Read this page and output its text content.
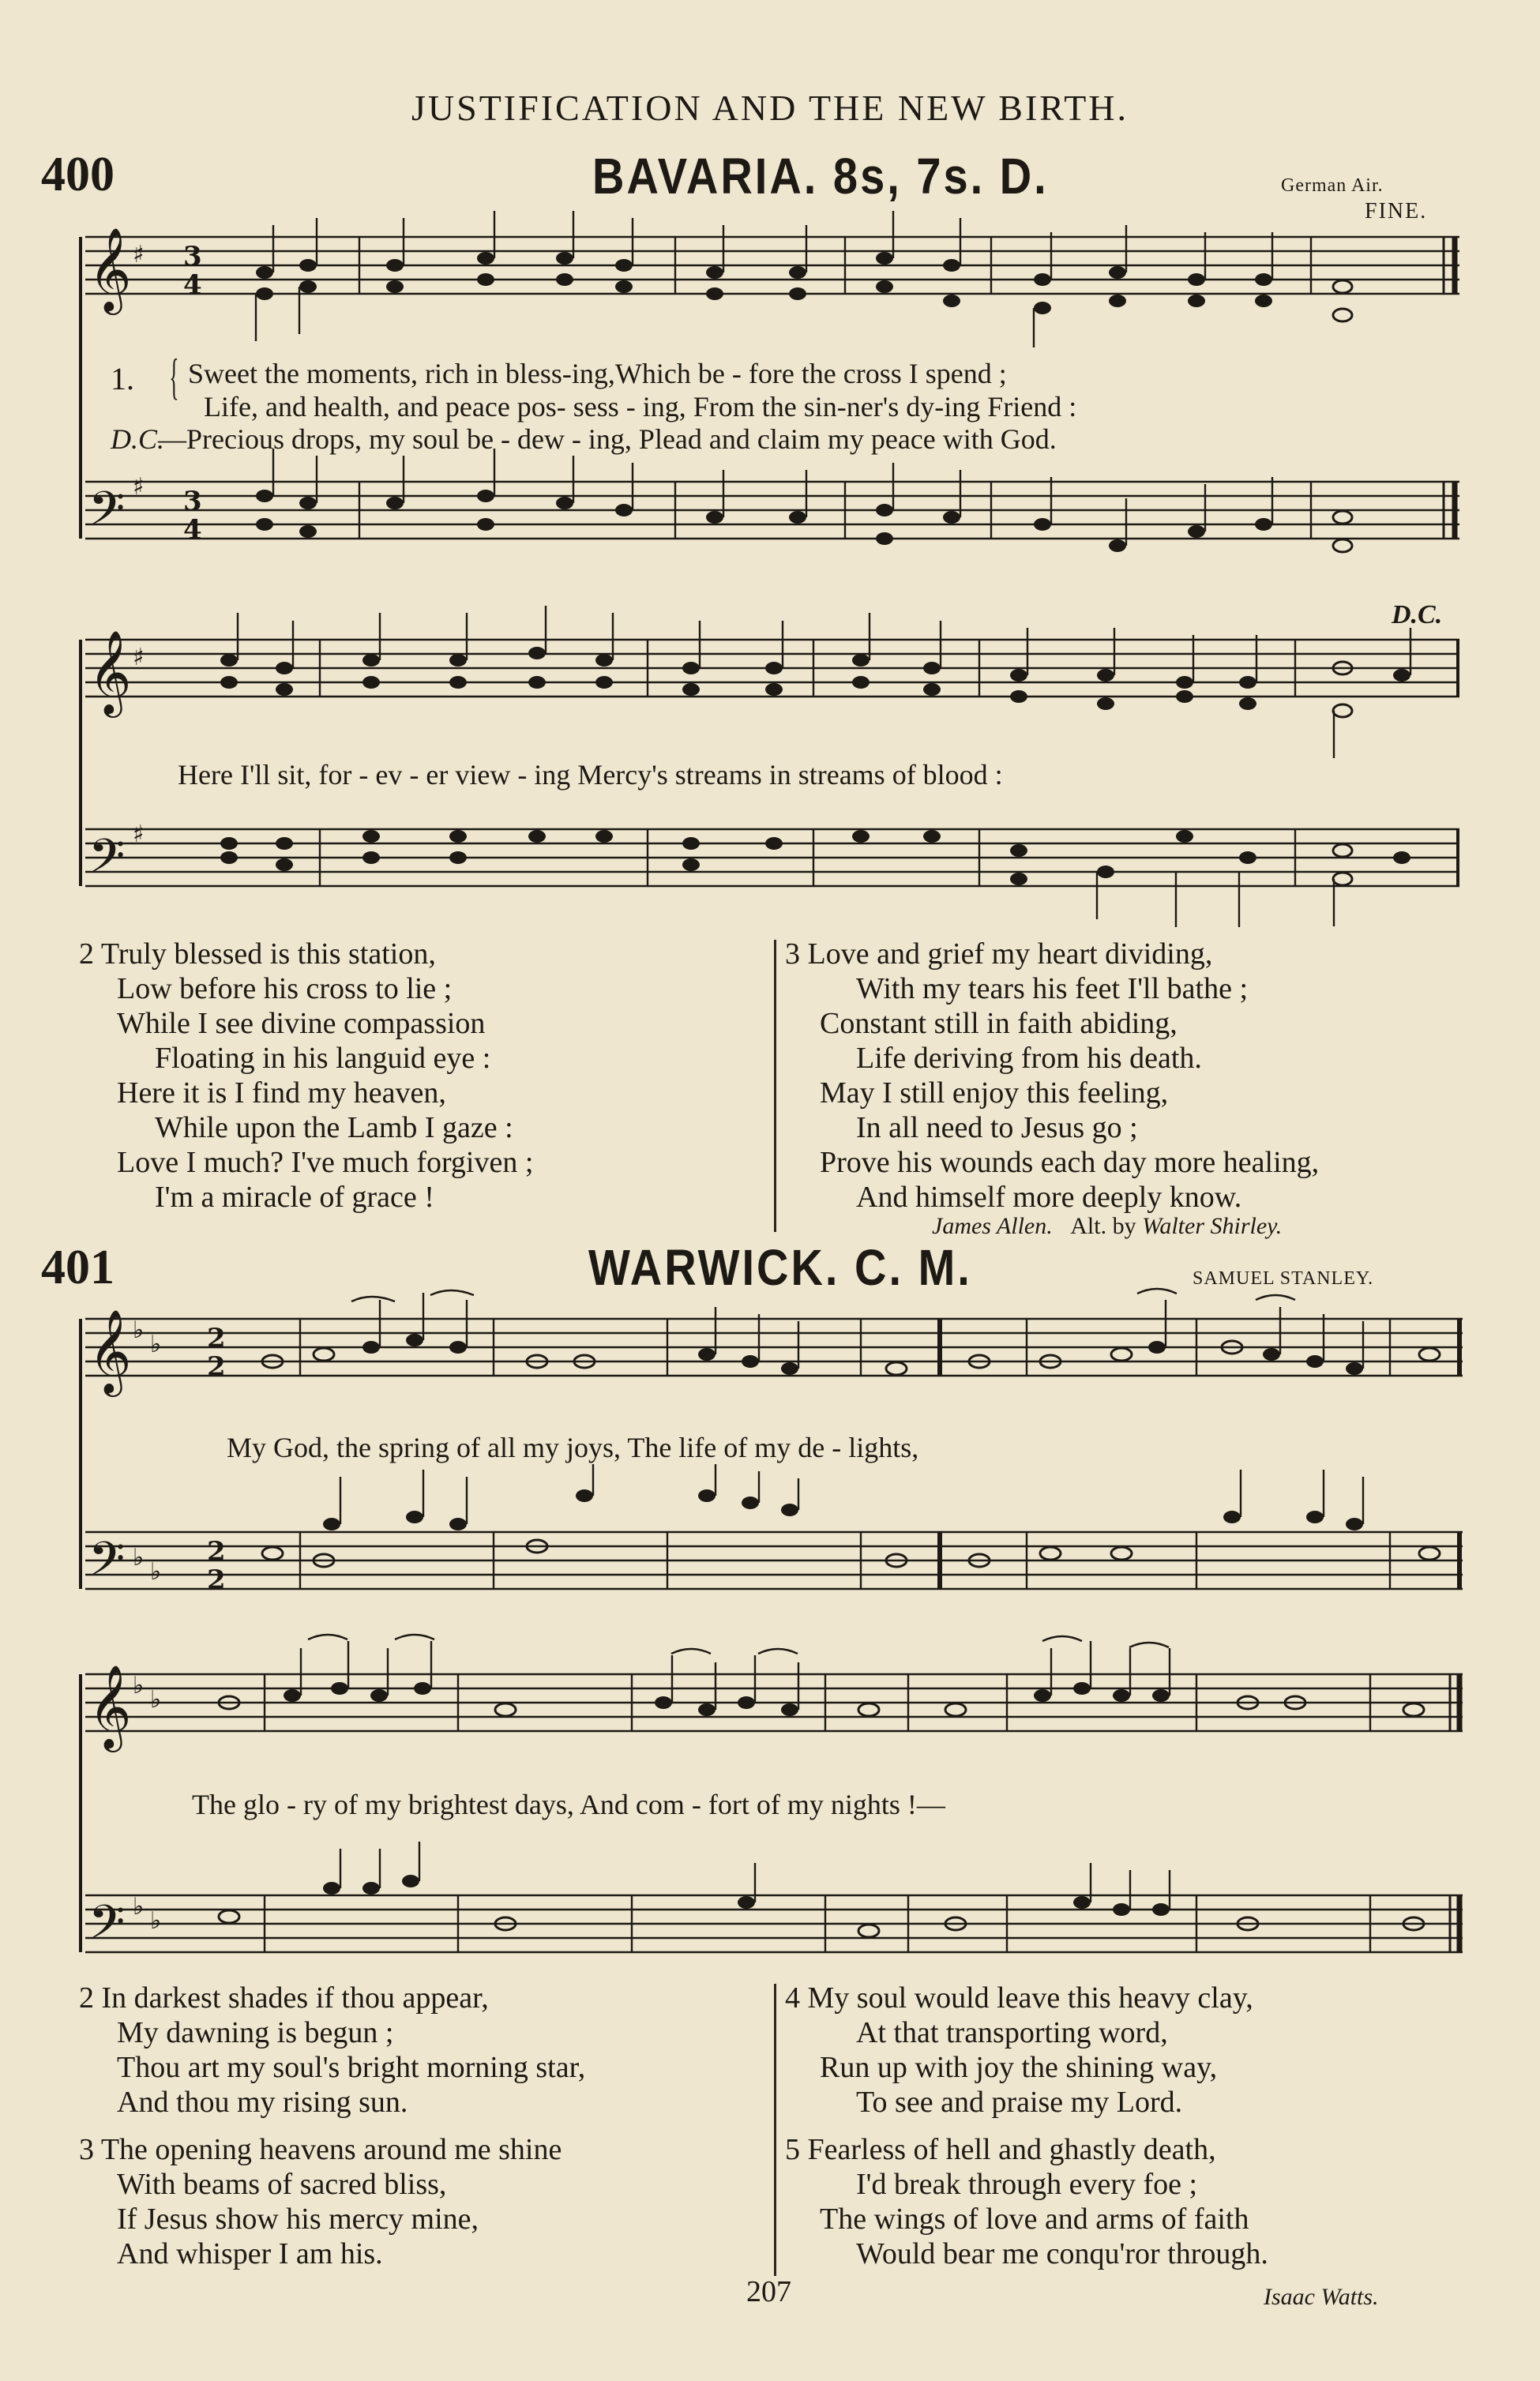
JUSTIFICATION AND THE NEW BIRTH.
400	BAVARIA. 8s, 7s. D.	German Air.
FINE.
𝄞
𝄢
𝄞
𝄢
♯
♯
♯
♯
3
4
3
4
D.C.
1. { Sweet the moments, rich in bless-ing,Which be - fore the cross I spend ;
Life, and health, and peace pos- sess - ing, From the sin-ner's dy-ing Friend :
D.C.
—Precious drops, my soul be - dew - ing, Plead and claim my peace with God.
Here I'll sit, for - ev - er view - ing Mercy's streams in streams of blood :
2 Truly blessed is this station,
Low before his cross to lie ;
While I see divine compassion
Floating in his languid eye :
Here it is I find my heaven,
While upon the Lamb I gaze :
Love I much? I've much forgiven ;
I'm a miracle of grace !
3 Love and grief my heart dividing,
With my tears his feet I'll bathe ;
Constant still in faith abiding,
Life deriving from his death.
May I still enjoy this feeling,
In all need to Jesus go ;
Prove his wounds each day more healing,
And himself more deeply know.
James Allen. Alt. by Walter Shirley.
401	WARWICK. C. M.	SAMUEL STANLEY.
𝄞
𝄢
𝄞
𝄢
♭
♭
♭
♭
♭
♭
♭
♭
2
2
2
2
My God, the spring of all my joys, The life of my de - lights,
The glo - ry of my brightest days, And com - fort of my nights !—
2 In darkest shades if thou appear,
My dawning is begun ;
Thou art my soul's bright morning star,
And thou my rising sun.
3 The opening heavens around me shine
With beams of sacred bliss,
If Jesus show his mercy mine,
And whisper I am his.
4 My soul would leave this heavy clay,
At that transporting word,
Run up with joy the shining way,
To see and praise my Lord.
5 Fearless of hell and ghastly death,
I'd break through every foe ;
The wings of love and arms of faith
Would bear me conqu'ror through.
207	Isaac Watts.
